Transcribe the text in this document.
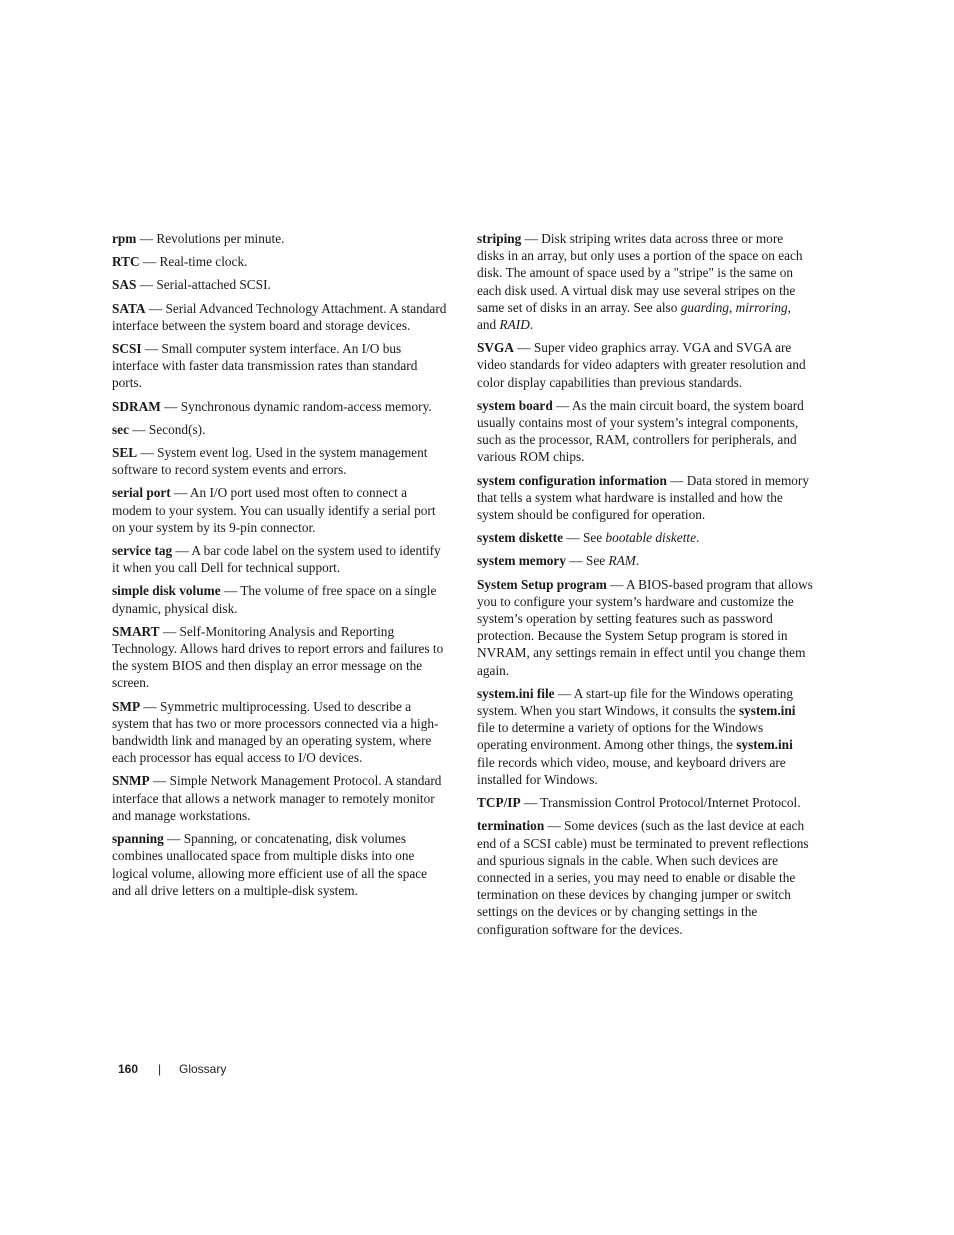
rpm — Revolutions per minute.

RTC — Real-time clock.

SAS — Serial-attached SCSI.

SATA — Serial Advanced Technology Attachment. A standard interface between the system board and storage devices.

SCSI — Small computer system interface. An I/O bus interface with faster data transmission rates than standard ports.

SDRAM — Synchronous dynamic random-access memory.

sec — Second(s).

SEL — System event log. Used in the system management software to record system events and errors.

serial port — An I/O port used most often to connect a modem to your system. You can usually identify a serial port on your system by its 9-pin connector.

service tag — A bar code label on the system used to identify it when you call Dell for technical support.

simple disk volume — The volume of free space on a single dynamic, physical disk.

SMART — Self-Monitoring Analysis and Reporting Technology. Allows hard drives to report errors and failures to the system BIOS and then display an error message on the screen.

SMP — Symmetric multiprocessing. Used to describe a system that has two or more processors connected via a high-bandwidth link and managed by an operating system, where each processor has equal access to I/O devices.

SNMP — Simple Network Management Protocol. A standard interface that allows a network manager to remotely monitor and manage workstations.

spanning — Spanning, or concatenating, disk volumes combines unallocated space from multiple disks into one logical volume, allowing more efficient use of all the space and all drive letters on a multiple-disk system.

striping — Disk striping writes data across three or more disks in an array, but only uses a portion of the space on each disk. The amount of space used by a "stripe" is the same on each disk used. A virtual disk may use several stripes on the same set of disks in an array. See also guarding, mirroring, and RAID.

SVGA — Super video graphics array. VGA and SVGA are video standards for video adapters with greater resolution and color display capabilities than previous standards.

system board — As the main circuit board, the system board usually contains most of your system’s integral components, such as the processor, RAM, controllers for peripherals, and various ROM chips.

system configuration information — Data stored in memory that tells a system what hardware is installed and how the system should be configured for operation.

system diskette — See bootable diskette.

system memory — See RAM.

System Setup program — A BIOS-based program that allows you to configure your system’s hardware and customize the system’s operation by setting features such as password protection. Because the System Setup program is stored in NVRAM, any settings remain in effect until you change them again.

system.ini file — A start-up file for the Windows operating system. When you start Windows, it consults the system.ini file to determine a variety of options for the Windows operating environment. Among other things, the system.ini file records which video, mouse, and keyboard drivers are installed for Windows.

TCP/IP — Transmission Control Protocol/Internet Protocol.

termination — Some devices (such as the last device at each end of a SCSI cable) must be terminated to prevent reflections and spurious signals in the cable. When such devices are connected in a series, you may need to enable or disable the termination on these devices by changing jumper or switch settings on the devices or by changing settings in the configuration software for the devices.

160 | Glossary
